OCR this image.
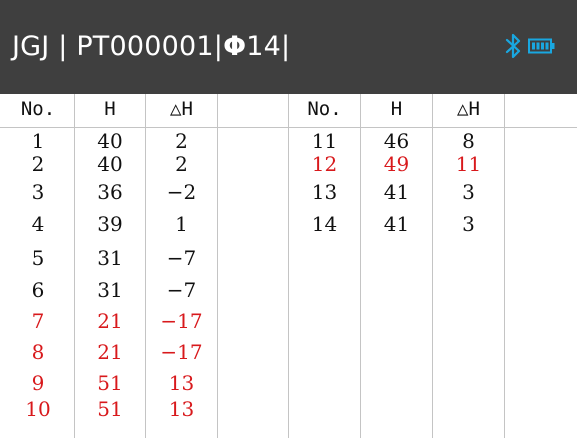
JGJ | PT000001 | Φ 14 |
No.	H	△H	No.	H	△H
1	40	2
2	40	2
3	36	−2
4	39	1
5	31	−7
6	31	−7
7	21	−17
8	21	−17
9	51	13
10	51	13
11	46	8
12	49	11
13	41	3
14	41	3
